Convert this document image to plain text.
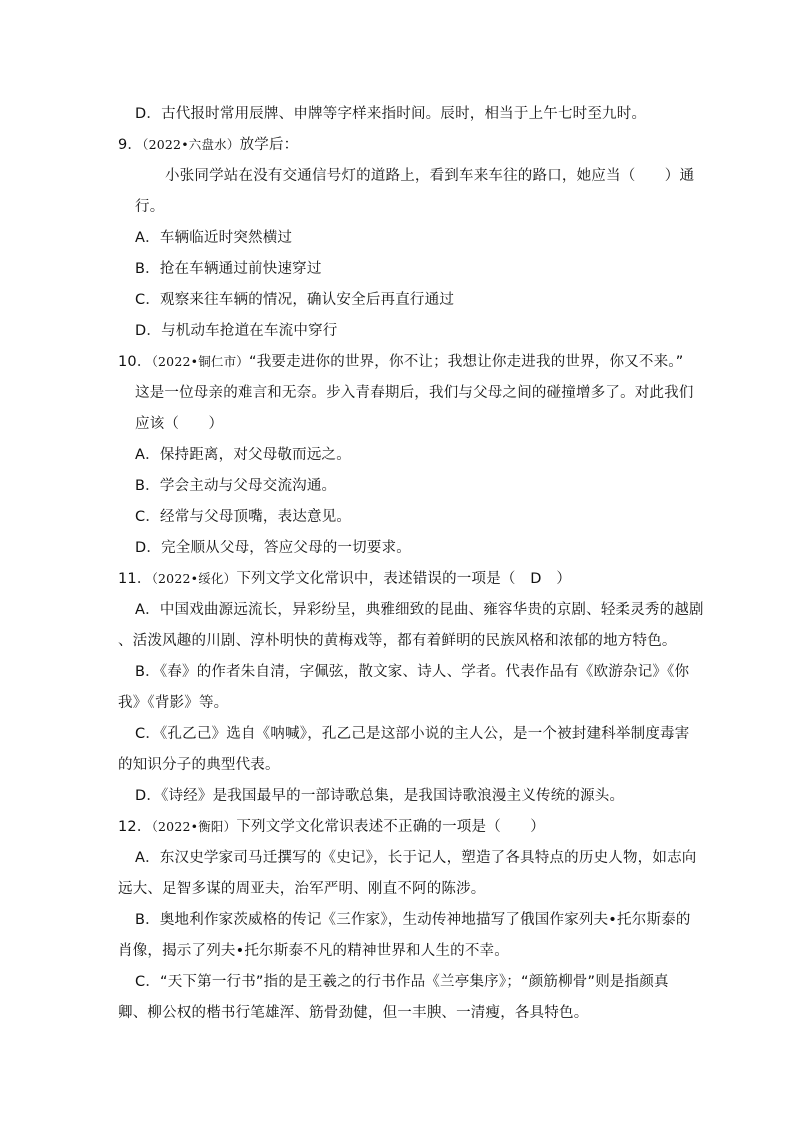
D．古代报时常用辰牌、申牌等字样来指时间。辰时，相当于上午七时至九时。
9．（2022•六盘水）放学后：
小张同学站在没有交通信号灯的道路上，看到车来车往的路口，她应当（　　）通
行。
A．车辆临近时突然横过
B．抢在车辆通过前快速穿过
C．观察来往车辆的情况，确认安全后再直行通过
D．与机动车抢道在车流中穿行
10．（2022•铜仁市）“我要走进你的世界，你不让；我想让你走进我的世界，你又不来。”
这是一位母亲的难言和无奈。步入青春期后，我们与父母之间的碰撞增多了。对此我们
应该（　　）
A．保持距离，对父母敬而远之。
B．学会主动与父母交流沟通。
C．经常与父母顶嘴，表达意见。
D．完全顺从父母，答应父母的一切要求。
11．（2022•绥化）下列文学文化常识中，表述错误的一项是（　D　）
A．中国戏曲源远流长，异彩纷呈，典雅细致的昆曲、雍容华贵的京剧、轻柔灵秀的越剧
、活泼风趣的川剧、淳朴明快的黄梅戏等，都有着鲜明的民族风格和浓郁的地方特色。
B．《春》的作者朱自清，字佩弦，散文家、诗人、学者。代表作品有《欧游杂记》《你
我》《背影》等。
C．《孔乙己》选自《呐喊》，孔乙己是这部小说的主人公，是一个被封建科举制度毒害
的知识分子的典型代表。
D．《诗经》是我国最早的一部诗歌总集，是我国诗歌浪漫主义传统的源头。
12．（2022•衡阳）下列文学文化常识表述不正确的一项是（　　）
A．东汉史学家司马迁撰写的《史记》，长于记人，塑造了各具特点的历史人物，如志向
远大、足智多谋的周亚夫，治军严明、刚直不阿的陈涉。
B．奥地利作家茨威格的传记《三作家》，生动传神地描写了俄国作家列夫•托尔斯泰的
肖像，揭示了列夫•托尔斯泰不凡的精神世界和人生的不幸。
C．“天下第一行书”指的是王羲之的行书作品《兰亭集序》；“颜筋柳骨”则是指颜真
卿、柳公权的楷书行笔雄浑、筋骨劲健，但一丰腴、一清瘦，各具特色。
